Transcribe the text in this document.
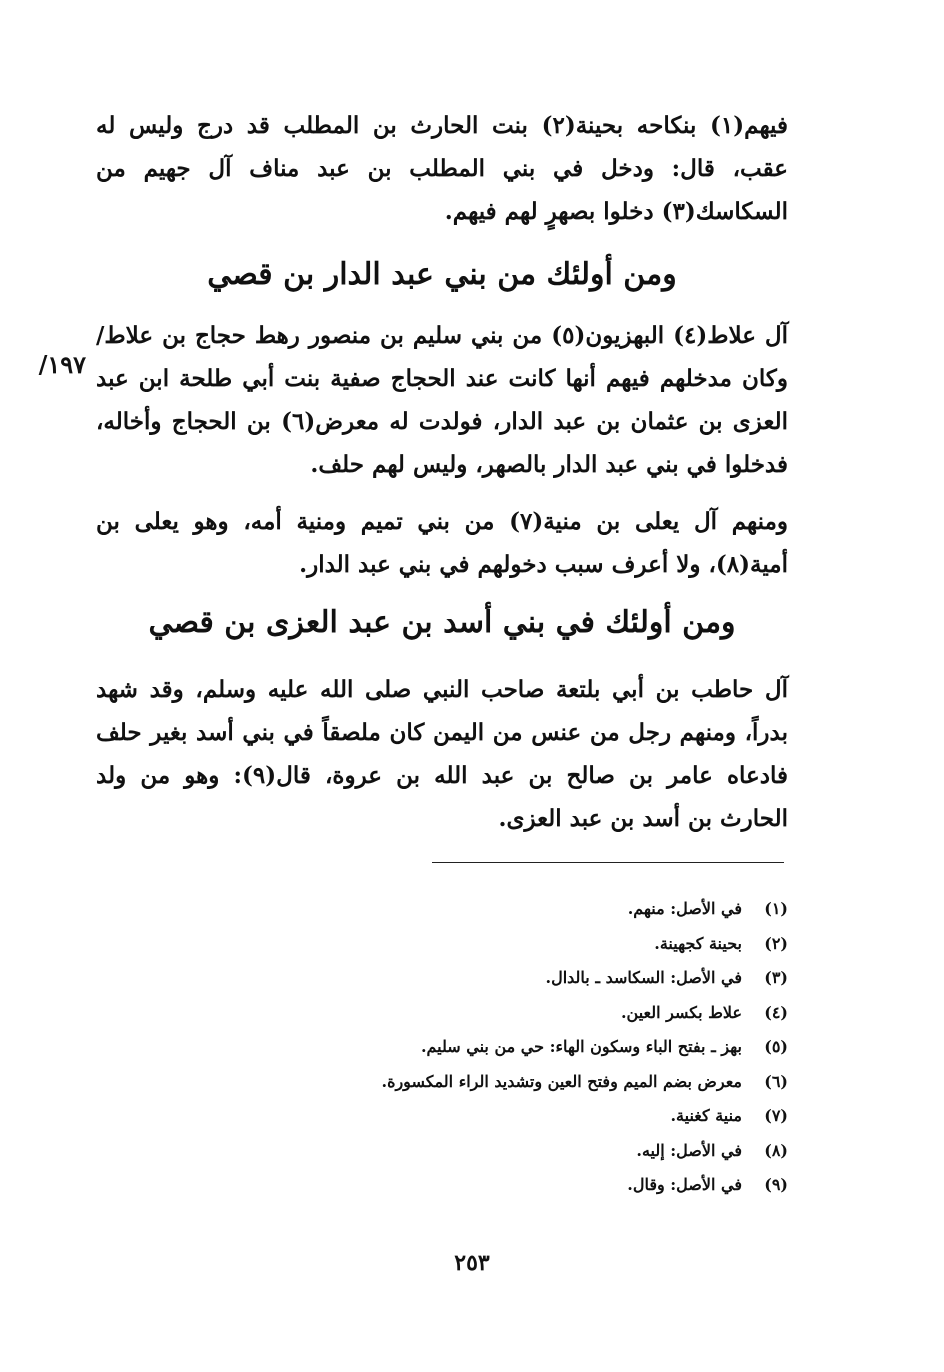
فيهم(١) بنكاحه بحينة(٢) بنت الحارث بن المطلب قد درج وليس له عقب، قال: ودخل في بني المطلب بن عبد مناف آل جهيم من السكاسك(٣) دخلوا بصهرٍ لهم فيهم.
ومن أولئك من بني عبد الدار بن قصي
آل علاط(٤) البهزيون(٥) من بني سليم بن منصور رهط حجاج بن علاط/وكان مدخلهم فيهم أنها كانت عند الحجاج صفية بنت أبي طلحة ابن عبد العزى بن عثمان بن عبد الدار، فولدت له معرض(٦) بن الحجاج وأخاله، فدخلوا في بني عبد الدار بالصهر، وليس لهم حلف.
١٩٧/
ومنهم آل يعلى بن منية(٧) من بني تميم ومنية أمه، وهو يعلى بن أمية(٨)، ولا أعرف سبب دخولهم في بني عبد الدار.
ومن أولئك في بني أسد بن عبد العزى بن قصي
آل حاطب بن أبي بلتعة صاحب النبي صلى الله عليه وسلم، وقد شهد بدراً، ومنهم رجل من عنس من اليمن كان ملصقاً في بني أسد بغير حلف فادعاه عامر بن صالح بن عبد الله بن عروة، قال(٩): وهو من ولد الحارث بن أسد بن عبد العزى.
(١)
في الأصل: منهم.
(٢)
بحينة كجهينة.
(٣)
في الأصل: السكاسد ـ بالدال.
(٤)
علاط بكسر العين.
(٥)
بهز ـ بفتح الباء وسكون الهاء: حي من بني سليم.
(٦)
معرض بضم الميم وفتح العين وتشديد الراء المكسورة.
(٧)
منية كغنية.
(٨)
في الأصل: إليه.
(٩)
في الأصل: وقال.
٢٥٣
